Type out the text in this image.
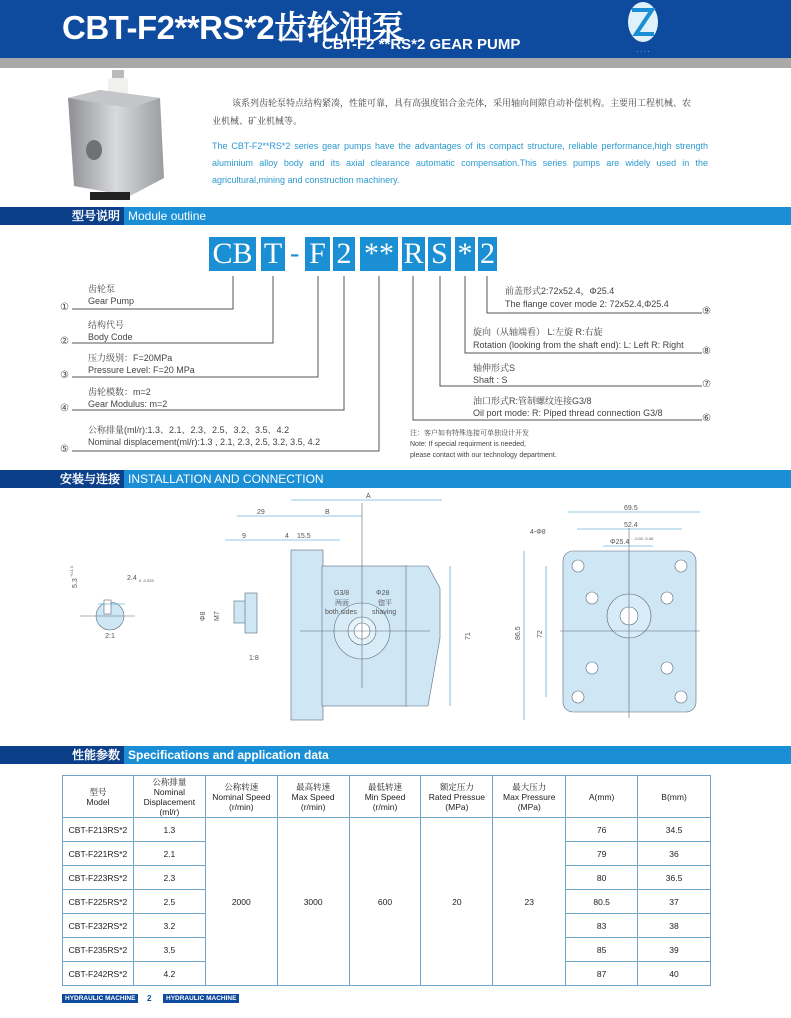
CBT-F2**RS*2齿轮油泵
CBT-F2 **RS*2 GEAR PUMP	· · · ·
该系列齿轮泵特点结构紧凑，性能可靠，具有高强度铝合金壳体，采用轴向间隙自动补偿机构。主要用工程机械、农
业机械、矿业机械等。
The CBT-F2**RS*2 series gear pumps have the advantages of its compact structure, reliable performance,high strength aluminium alloy body and its axial clearance automatic compensation.This series pumps are widely used in the agricultural,mining and construction machinery.
型号说明 Module outline
CB T - F 2 ** R S * 2
①
齿轮泵
Gear Pump
②
结构代号
Body Code
③
压力级别：F=20MPa
Pressure Level: F=20 MPa
④
齿轮模数：m=2
Gear Modulus: m=2
⑤
公称排量(ml/r):1.3、2.1、2.3、2.5、3.2、3.5、4.2
Nominal displacement(ml/r):1.3 , 2.1, 2.3, 2.5, 3.2, 3.5, 4.2
⑥
油口形式R:管制螺纹连接G3/8
Oil port mode: R: Piped thread connection G3/8
⑦
轴伸形式S
Shaft : S
⑧
旋向（从轴端看） L:左旋 R:右旋
Rotation (looking from the shaft end): L: Left R: Right
⑨
前盖形式2:72x52.4，Φ25.4
The flange cover mode 2: 72x52.4,Φ25.4
注：客户如有特殊连接可单独设计开发
Note: If special requirment is needed,
please contact with our technology department.
安装与连接 INSTALLATION AND CONNECTION
2:1
2.4 0 -0.025
5.3
+0.1 0
A
B
29
9	4 15.5
Φ8 M7
1:8
G3/8
两面
both sides
Φ28
锪平
shaving
71
69.5
52.4
Φ25.4
-0.02 -0.06
4-Φ8
86.5 72
性能参数 Specifications and application data
型号
Model	公称排量
Nominal
Displacement (ml/r)	公称转速
Nominal Speed
(r/min)	最高转速
Max Speed
(r/min)	最低转速
Min Speed
(r/min)	额定压力
Rated Pressue
(MPa)	最大压力
Max Pressure
(MPa)	A(mm)	B(mm)
CBT-F213RS*2	1.3	2000	3000	600	20	23	76	34.5
CBT-F221RS*2	2.1						79	36
CBT-F223RS*2	2.3						80	36.5
CBT-F225RS*2	2.5						80.5	37
CBT-F232RS*2	3.2						83	38
CBT-F235RS*2	3.5						85	39
CBT-F242RS*2	4.2						87	40
HYDRAULIC MACHINE	2	HYDRAULIC MACHINE
